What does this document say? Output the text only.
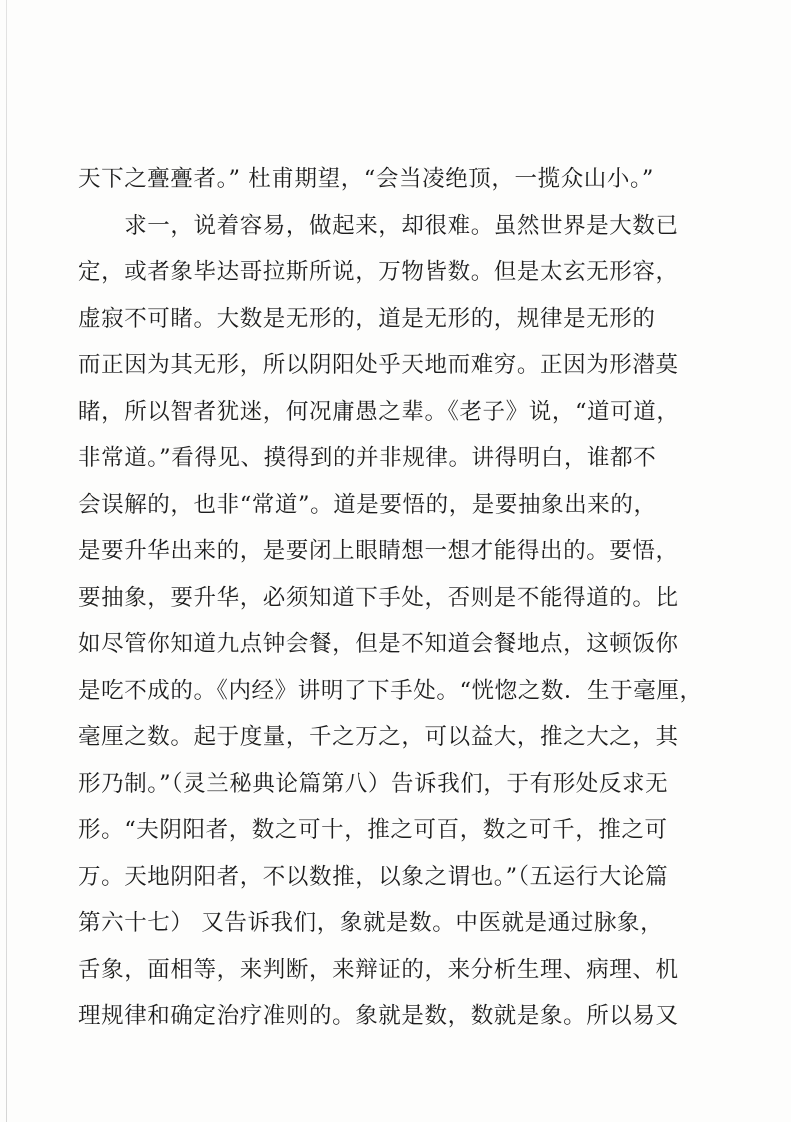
天下之亹亹者。” 杜甫期望，“会当凌绝顶，一揽众山小。”
　　求一，说着容易，做起来，却很难。虽然世界是大数已
定，或者象毕达哥拉斯所说，万物皆数。但是太玄无形容，
虚寂不可睹。大数是无形的，道是无形的，规律是无形的
而正因为其无形，所以阴阳处乎天地而难穷。正因为形潜莫
睹，所以智者犹迷，何况庸愚之辈。《老子》说，“道可道，
非常道。”看得见、摸得到的并非规律。讲得明白，谁都不
会误解的，也非“常道”。道是要悟的，是要抽象出来的，
是要升华出来的，是要闭上眼睛想一想才能得出的。要悟，
要抽象，要升华，必须知道下手处，否则是不能得道的。比
如尽管你知道九点钟会餐，但是不知道会餐地点，这顿饭你
是吃不成的。《内经》讲明了下手处。“恍惚之数．生于毫厘，
毫厘之数。起于度量，千之万之，可以益大，推之大之，其
形乃制。”（灵兰秘典论篇第八）告诉我们，于有形处反求无
形。“夫阴阳者，数之可十，推之可百，数之可千，推之可
万。天地阴阳者，不以数推，以象之谓也。”（五运行大论篇
第六十七） 又告诉我们，象就是数。中医就是通过脉象，
舌象，面相等，来判断，来辩证的，来分析生理、病理、机
理规律和确定治疗准则的。象就是数，数就是象。所以易又
